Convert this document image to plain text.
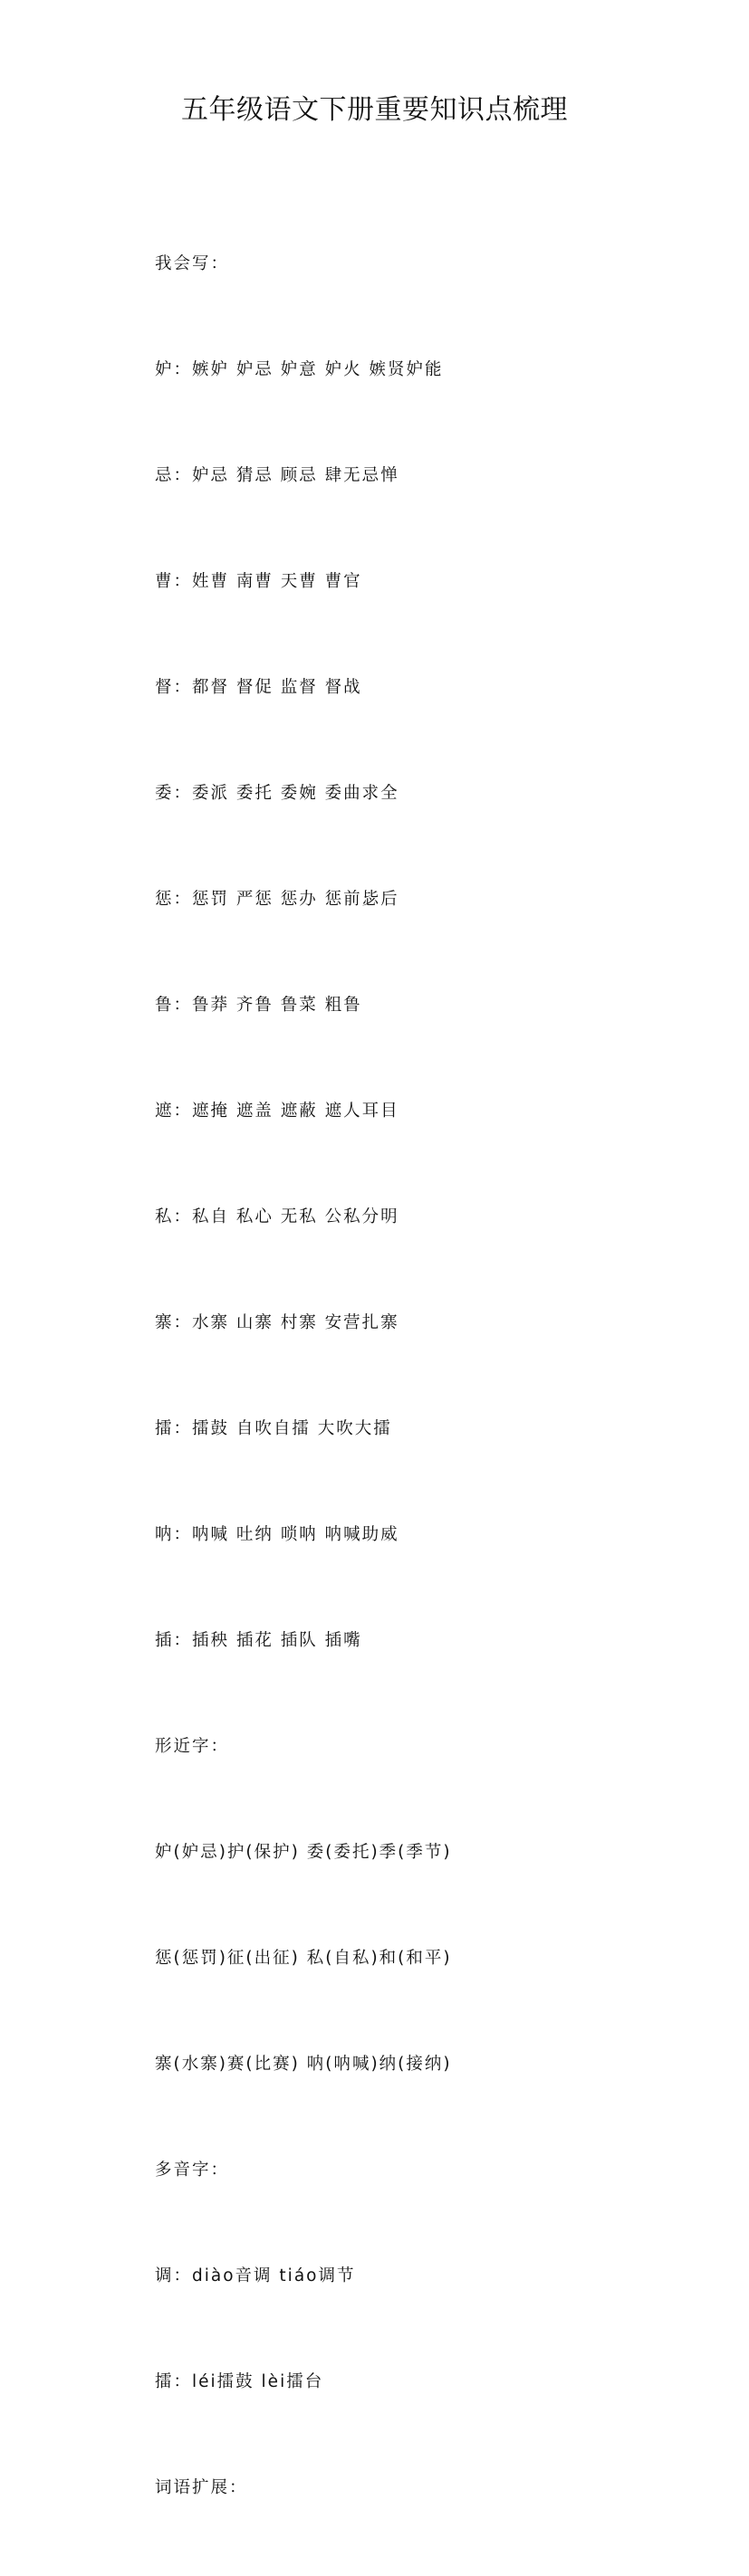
五年级语文下册重要知识点梳理

我会写：

妒：嫉妒 妒忌 妒意 妒火 嫉贤妒能

忌：妒忌 猜忌 顾忌 肆无忌惮

曹：姓曹 南曹 天曹 曹官

督：都督 督促 监督 督战

委：委派 委托 委婉 委曲求全

惩：惩罚 严惩 惩办 惩前毖后

鲁：鲁莽 齐鲁 鲁菜 粗鲁

遮：遮掩 遮盖 遮蔽 遮人耳目

私：私自 私心 无私 公私分明

寨：水寨 山寨 村寨 安营扎寨

擂：擂鼓 自吹自擂 大吹大擂

呐：呐喊 吐纳 唢呐 呐喊助威

插：插秧 插花 插队 插嘴

形近字：

妒(妒忌)护(保护) 委(委托)季(季节)

惩(惩罚)征(出征) 私(自私)和(和平)

寨(水寨)赛(比赛) 呐(呐喊)纳(接纳)

多音字：

调：diào音调 tiáo调节

擂：léi擂鼓 lèi擂台

词语扩展：
